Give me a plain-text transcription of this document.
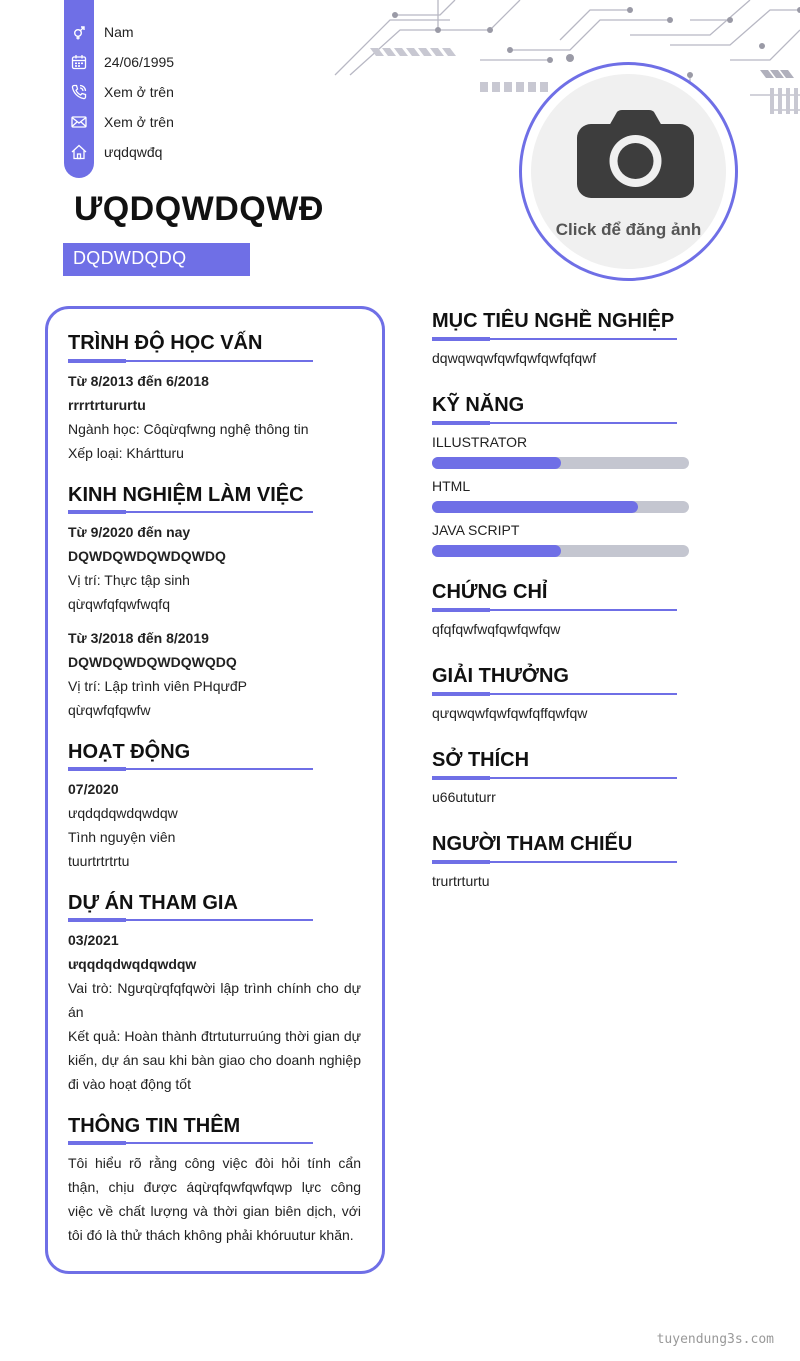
Nam
24/06/1995
Xem ở trên
Xem ở trên
ưqdqwđq
ƯQDQWDQWĐ
DQDWDQDQ
Click để đăng ảnh
TRÌNH ĐỘ HỌC VẤN
Từ 8/2013 đến 6/2018
rrrrtrtururtu
Ngành học: Côqừqfwng nghệ thông tin
Xếp loại: Khártturu
KINH NGHIỆM LÀM VIỆC
Từ 9/2020 đến nay
DQWDQWDQWDQWDQ
Vị trí: Thực tập sinh
qừqwfqfqwfwqfq
Từ 3/2018 đến 8/2019
DQWDQWDQWDQWQDQ
Vị trí: Lập trình viên PHqưđP
qừqwfqfqwfw
HOẠT ĐỘNG
07/2020
ưqdqdqwdqwdqw
Tình nguyện viên
tuurtrtrtrtu
DỰ ÁN THAM GIA
03/2021
ưqqdqdwqdqwdqw
Vai trò: Ngưqừqfqfqwời lập trình chính cho dự án
Kết quả: Hoàn thành đtrtuturruúng thời gian dự kiến, dự án sau khi bàn giao cho doanh nghiệp đi vào hoạt động tốt
THÔNG TIN THÊM
Tôi hiểu rõ rằng công việc đòi hỏi tính cẩn thận, chịu được áqừqfqwfqwfqwp lực công việc về chất lượng và thời gian biên dịch, với tôi đó là thử thách không phải khóruutur khăn.
MỤC TIÊU NGHỀ NGHIỆP
dqwqwqwfqwfqwfqwfqfqwf
KỸ NĂNG
ILLUSTRATOR
HTML
JAVA SCRIPT
CHỨNG CHỈ
qfqfqwfwqfqwfqwfqw
GIẢI THƯỞNG
qưqwqwfqwfqwfqffqwfqw
SỞ THÍCH
u66ututurr
NGƯỜI THAM CHIẾU
trurtrturtu
tuyendung3s.com
